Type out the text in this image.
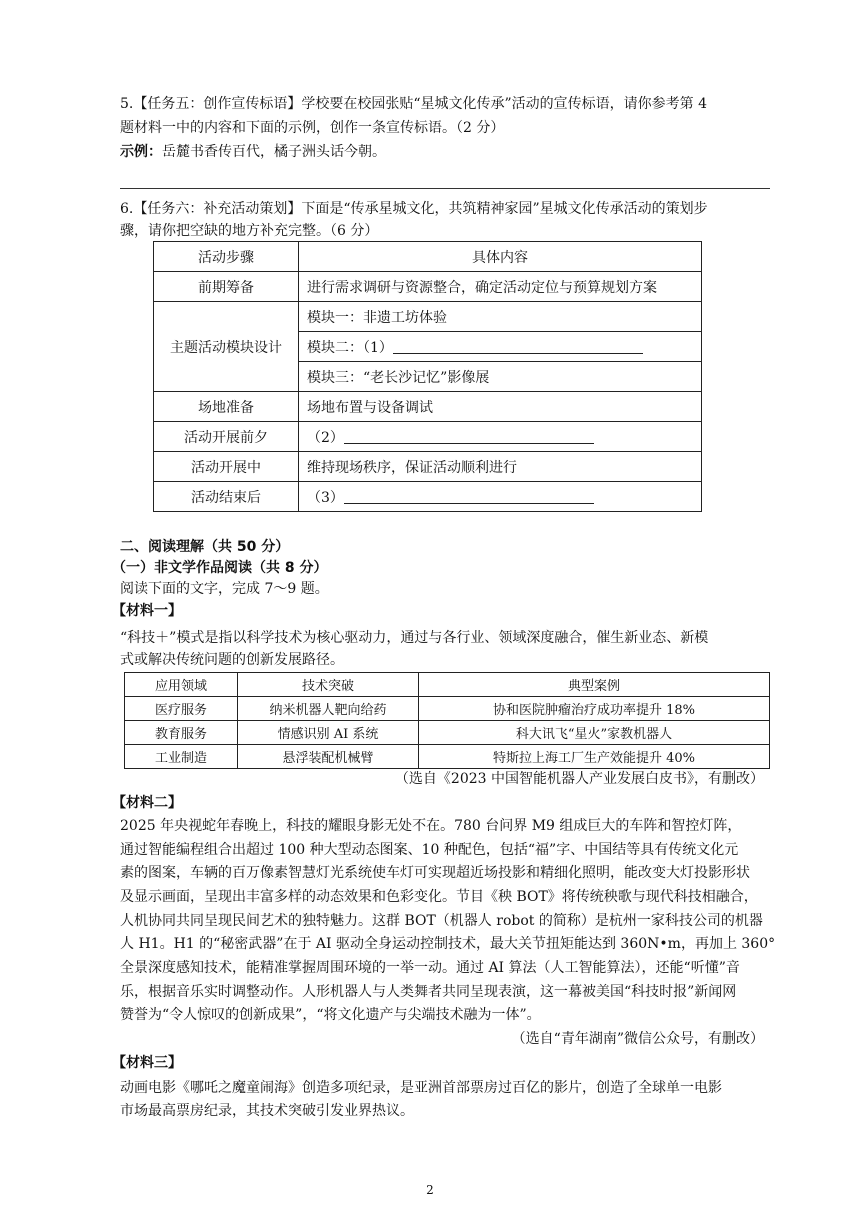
5.【任务五：创作宣传标语】学校要在校园张贴“星城文化传承”活动的宣传标语，请你参考第 4
题材料一中的内容和下面的示例，创作一条宣传标语。（2 分）
示例：岳麓书香传百代，橘子洲头话今朝。
6.【任务六：补充活动策划】下面是“传承星城文化，共筑精神家园”星城文化传承活动的策划步
骤，请你把空缺的地方补充完整。（6 分）
活动步骤	具体内容
前期筹备	进行需求调研与资源整合，确定活动定位与预算规划方案
主题活动模块设计	模块一：非遗工坊体验
	模块二：（1）
	模块三：“老长沙记忆”影像展
场地准备	场地布置与设备调试
活动开展前夕	（2）
活动开展中	维持现场秩序，保证活动顺利进行
活动结束后	（3）
二、阅读理解（共 50 分）
（一）非文学作品阅读（共 8 分）
阅读下面的文字，完成 7～9 题。
【材料一】
“科技＋”模式是指以科学技术为核心驱动力，通过与各行业、领域深度融合，催生新业态、新模
式或解决传统问题的创新发展路径。
应用领域	技术突破	典型案例
医疗服务	纳米机器人靶向给药	协和医院肿瘤治疗成功率提升 18%
教育服务	情感识别 AI 系统	科大讯飞“星火”家教机器人
工业制造	悬浮装配机械臂	特斯拉上海工厂生产效能提升 40%
（选自《2023 中国智能机器人产业发展白皮书》，有删改）
【材料二】
2025 年央视蛇年春晚上，科技的耀眼身影无处不在。780 台问界 M9 组成巨大的车阵和智控灯阵，
通过智能编程组合出超过 100 种大型动态图案、10 种配色，包括“福”字、中国结等具有传统文化元
素的图案，车辆的百万像素智慧灯光系统使车灯可实现超近场投影和精细化照明，能改变大灯投影形状
及显示画面，呈现出丰富多样的动态效果和色彩变化。节目《秧 BOT》将传统秧歌与现代科技相融合，
人机协同共同呈现民间艺术的独特魅力。这群 BOT（机器人 robot 的简称）是杭州一家科技公司的机器
人 H1。H1 的“秘密武器”在于 AI 驱动全身运动控制技术，最大关节扭矩能达到 360N•m，再加上 360°
全景深度感知技术，能精准掌握周围环境的一举一动。通过 AI 算法（人工智能算法），还能“听懂”音
乐，根据音乐实时调整动作。人形机器人与人类舞者共同呈现表演，这一幕被美国“科技时报”新闻网
赞誉为“令人惊叹的创新成果”，“将文化遗产与尖端技术融为一体”。
（选自“青年湖南”微信公众号，有删改）
【材料三】
动画电影《哪吒之魔童闹海》创造多项纪录，是亚洲首部票房过百亿的影片，创造了全球单一电影
市场最高票房纪录，其技术突破引发业界热议。
2
